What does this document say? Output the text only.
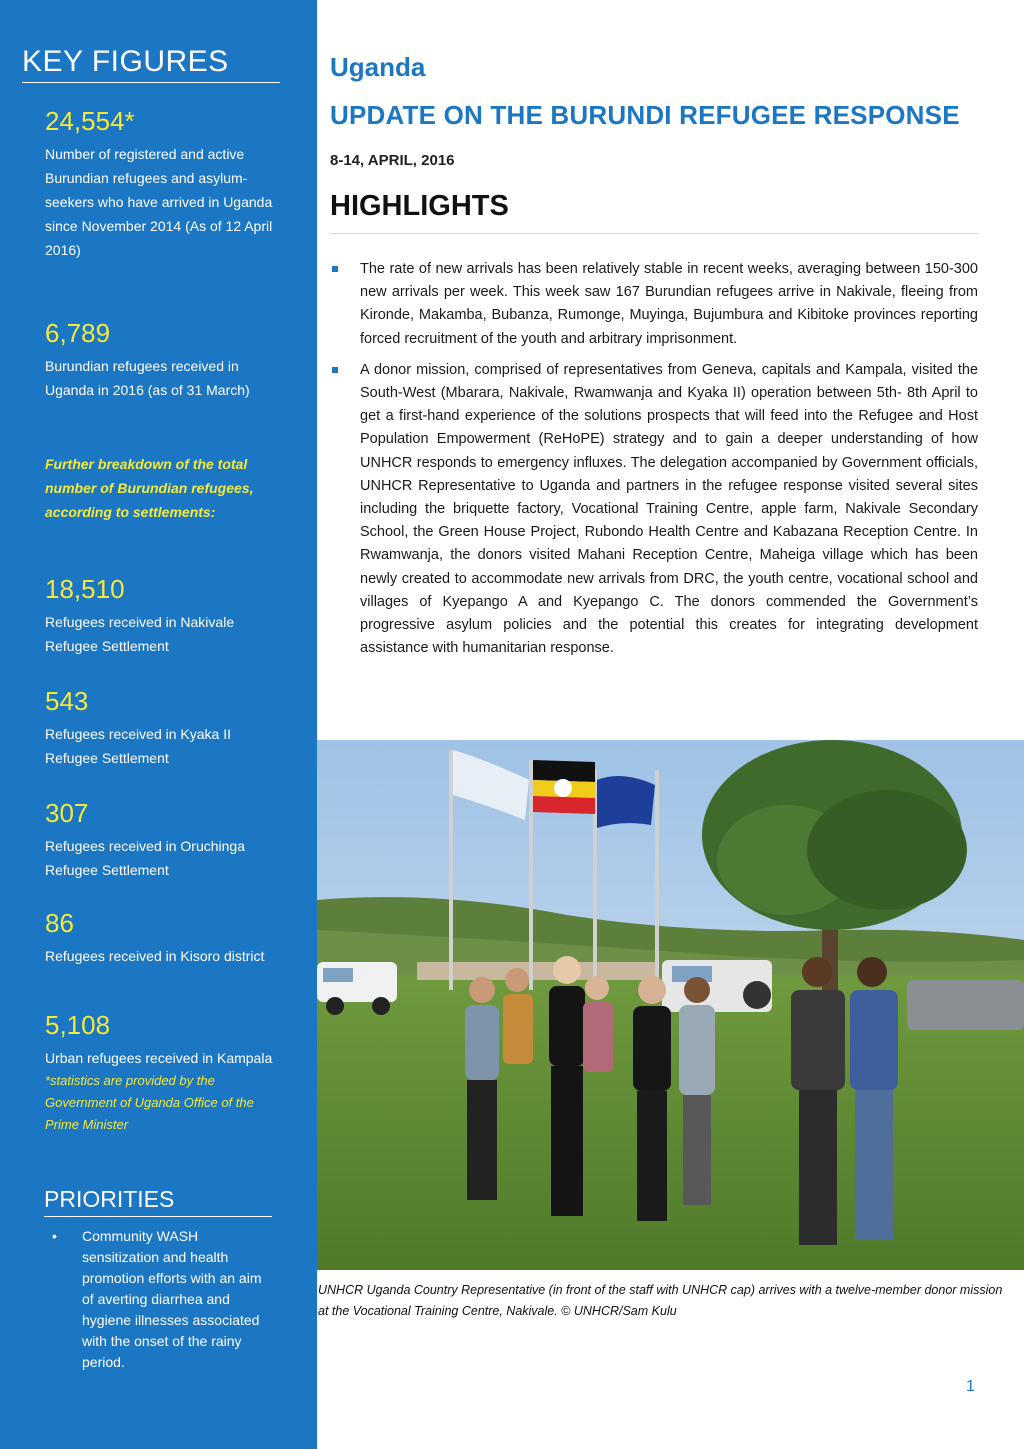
KEY FIGURES
24,554*
Number of registered and active Burundian refugees and asylum-seekers who have arrived in Uganda since November 2014 (As of 12 April 2016)
6,789
Burundian refugees received in Uganda in 2016 (as of 31 March)
Further breakdown of the total number of Burundian refugees, according to settlements:
18,510
Refugees received in Nakivale Refugee Settlement
543
Refugees received in Kyaka II Refugee Settlement
307
Refugees received in Oruchinga Refugee Settlement
86
Refugees received in Kisoro district
5,108
Urban refugees received in Kampala
*statistics are provided by the Government of Uganda Office of the Prime Minister
PRIORITIES
• Community WASH sensitization and health promotion efforts with an aim of averting diarrhea and hygiene illnesses associated with the onset of the rainy period.
Uganda
UPDATE ON THE BURUNDI REFUGEE RESPONSE
8-14, APRIL, 2016
HIGHLIGHTS
The rate of new arrivals has been relatively stable in recent weeks, averaging between 150-300 new arrivals per week. This week saw 167 Burundian refugees arrive in Nakivale, fleeing from Kironde, Makamba, Bubanza, Rumonge, Muyinga, Bujumbura and Kibitoke provinces reporting forced recruitment of the youth and arbitrary imprisonment.
A donor mission, comprised of representatives from Geneva, capitals and Kampala, visited the South-West (Mbarara, Nakivale, Rwamwanja and Kyaka II) operation between 5th- 8th April to get a first-hand experience of the solutions prospects that will feed into the Refugee and Host Population Empowerment (ReHoPE) strategy and to gain a deeper understanding of how UNHCR responds to emergency influxes. The delegation accompanied by Government officials, UNHCR Representative to Uganda and partners in the refugee response visited several sites including the briquette factory, Vocational Training Centre, apple farm, Nakivale Secondary School, the Green House Project, Rubondo Health Centre and Kabazana Reception Centre. In Rwamwanja, the donors visited Mahani Reception Centre, Maheiga village which has been newly created to accommodate new arrivals from DRC, the youth centre, vocational school and villages of Kyepango A and Kyepango C. The donors commended the Government’s progressive asylum policies and the potential this creates for integrating development assistance with humanitarian response.
UNHCR Uganda Country Representative (in front of the staff with UNHCR cap) arrives with a twelve-member donor mission at the Vocational Training Centre, Nakivale. © UNHCR/Sam Kulu
1
